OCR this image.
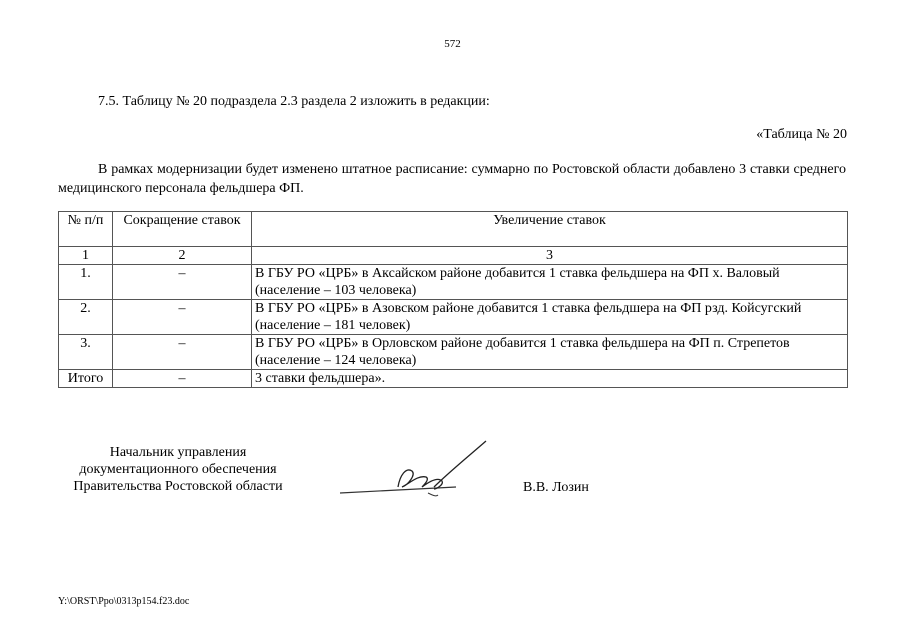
572
7.5. Таблицу № 20 подраздела 2.3 раздела 2 изложить в редакции:
«Таблица № 20
В рамках модернизации будет изменено штатное расписание: суммарно по Ростовской области добавлено 3 ставки среднего медицинского персонала фельдшера ФП.
№ п/п	Сокращение ставок	Увеличение ставок
1	2	3
1.	–	В ГБУ РО «ЦРБ» в Аксайском районе добавится 1 ставка фельдшера на ФП х. Валовый (население – 103 человека)
2.	–	В ГБУ РО «ЦРБ» в Азовском районе добавится 1 ставка фельдшера на ФП рзд. Койсугский (население – 181 человек)
3.	–	В ГБУ РО «ЦРБ» в Орловском районе добавится 1 ставка фельдшера на ФП п. Стрепетов (население – 124 человека)
Итого	–	3 ставки фельдшера».
Начальник управления
документационного обеспечения
Правительства Ростовской области	В.В. Лозин
Y:\ORST\Ppo\0313p154.f23.doc
